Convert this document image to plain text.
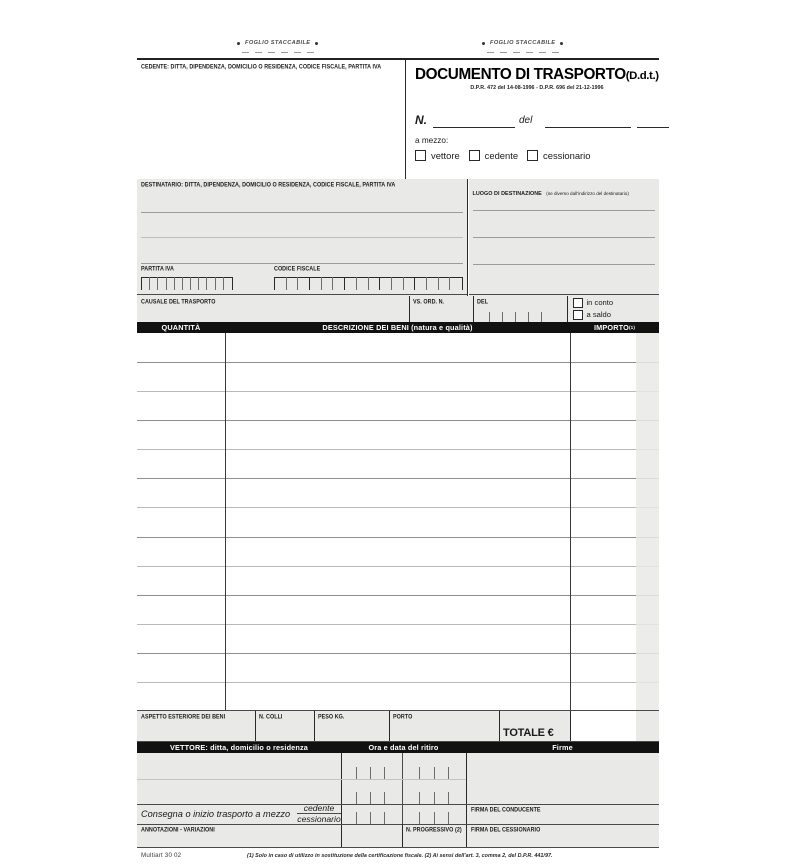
FOGLIO STACCABILE	FOGLIO STACCABILE
CEDENTE: DITTA, DIPENDENZA, DOMICILIO O RESIDENZA, CODICE FISCALE, PARTITA IVA DOCUMENTO DI TRASPORTO(D.d.t.)
D.P.R. 472 del 14-08-1996 - D.P.R. 696 del 21-12-1996
N.	del
a mezzo:
vettore	cedente	cessionario
DESTINATARIO: DITTA, DIPENDENZA, DOMICILIO O RESIDENZA, CODICE FISCALE, PARTITA IVA
PARTITA IVA	CODICE FISCALE
LUOGO DI DESTINAZIONE (se diverso dall'indirizzo del destinatario)
CAUSALE DEL TRASPORTO	VS. ORD. N.	DEL	in conto
a saldo
QUANTITÀ	DESCRIZIONE DEI BENI (natura e qualità)	IMPORTO (1)
ASPETTO ESTERIORE DEI BENI	N. COLLI	PESO KG.	PORTO
TOTALE €
VETTORE: ditta, domicilio o residenza	Ora e data del ritiro	Firme
Consegna o inizio trasporto a mezzo
cedente
cessionario
FIRMA DEL CONDUCENTE
FIRMA DEL CESSIONARIO
ANNOTAZIONI - VARIAZIONI	N. PROGRESSIVO (2)
Multiart 30 02	(1) Solo in caso di utilizzo in sostituzione della certificazione fiscale. (2) Ai sensi dell'art. 3, comma 2, del D.P.R. 441/97.
